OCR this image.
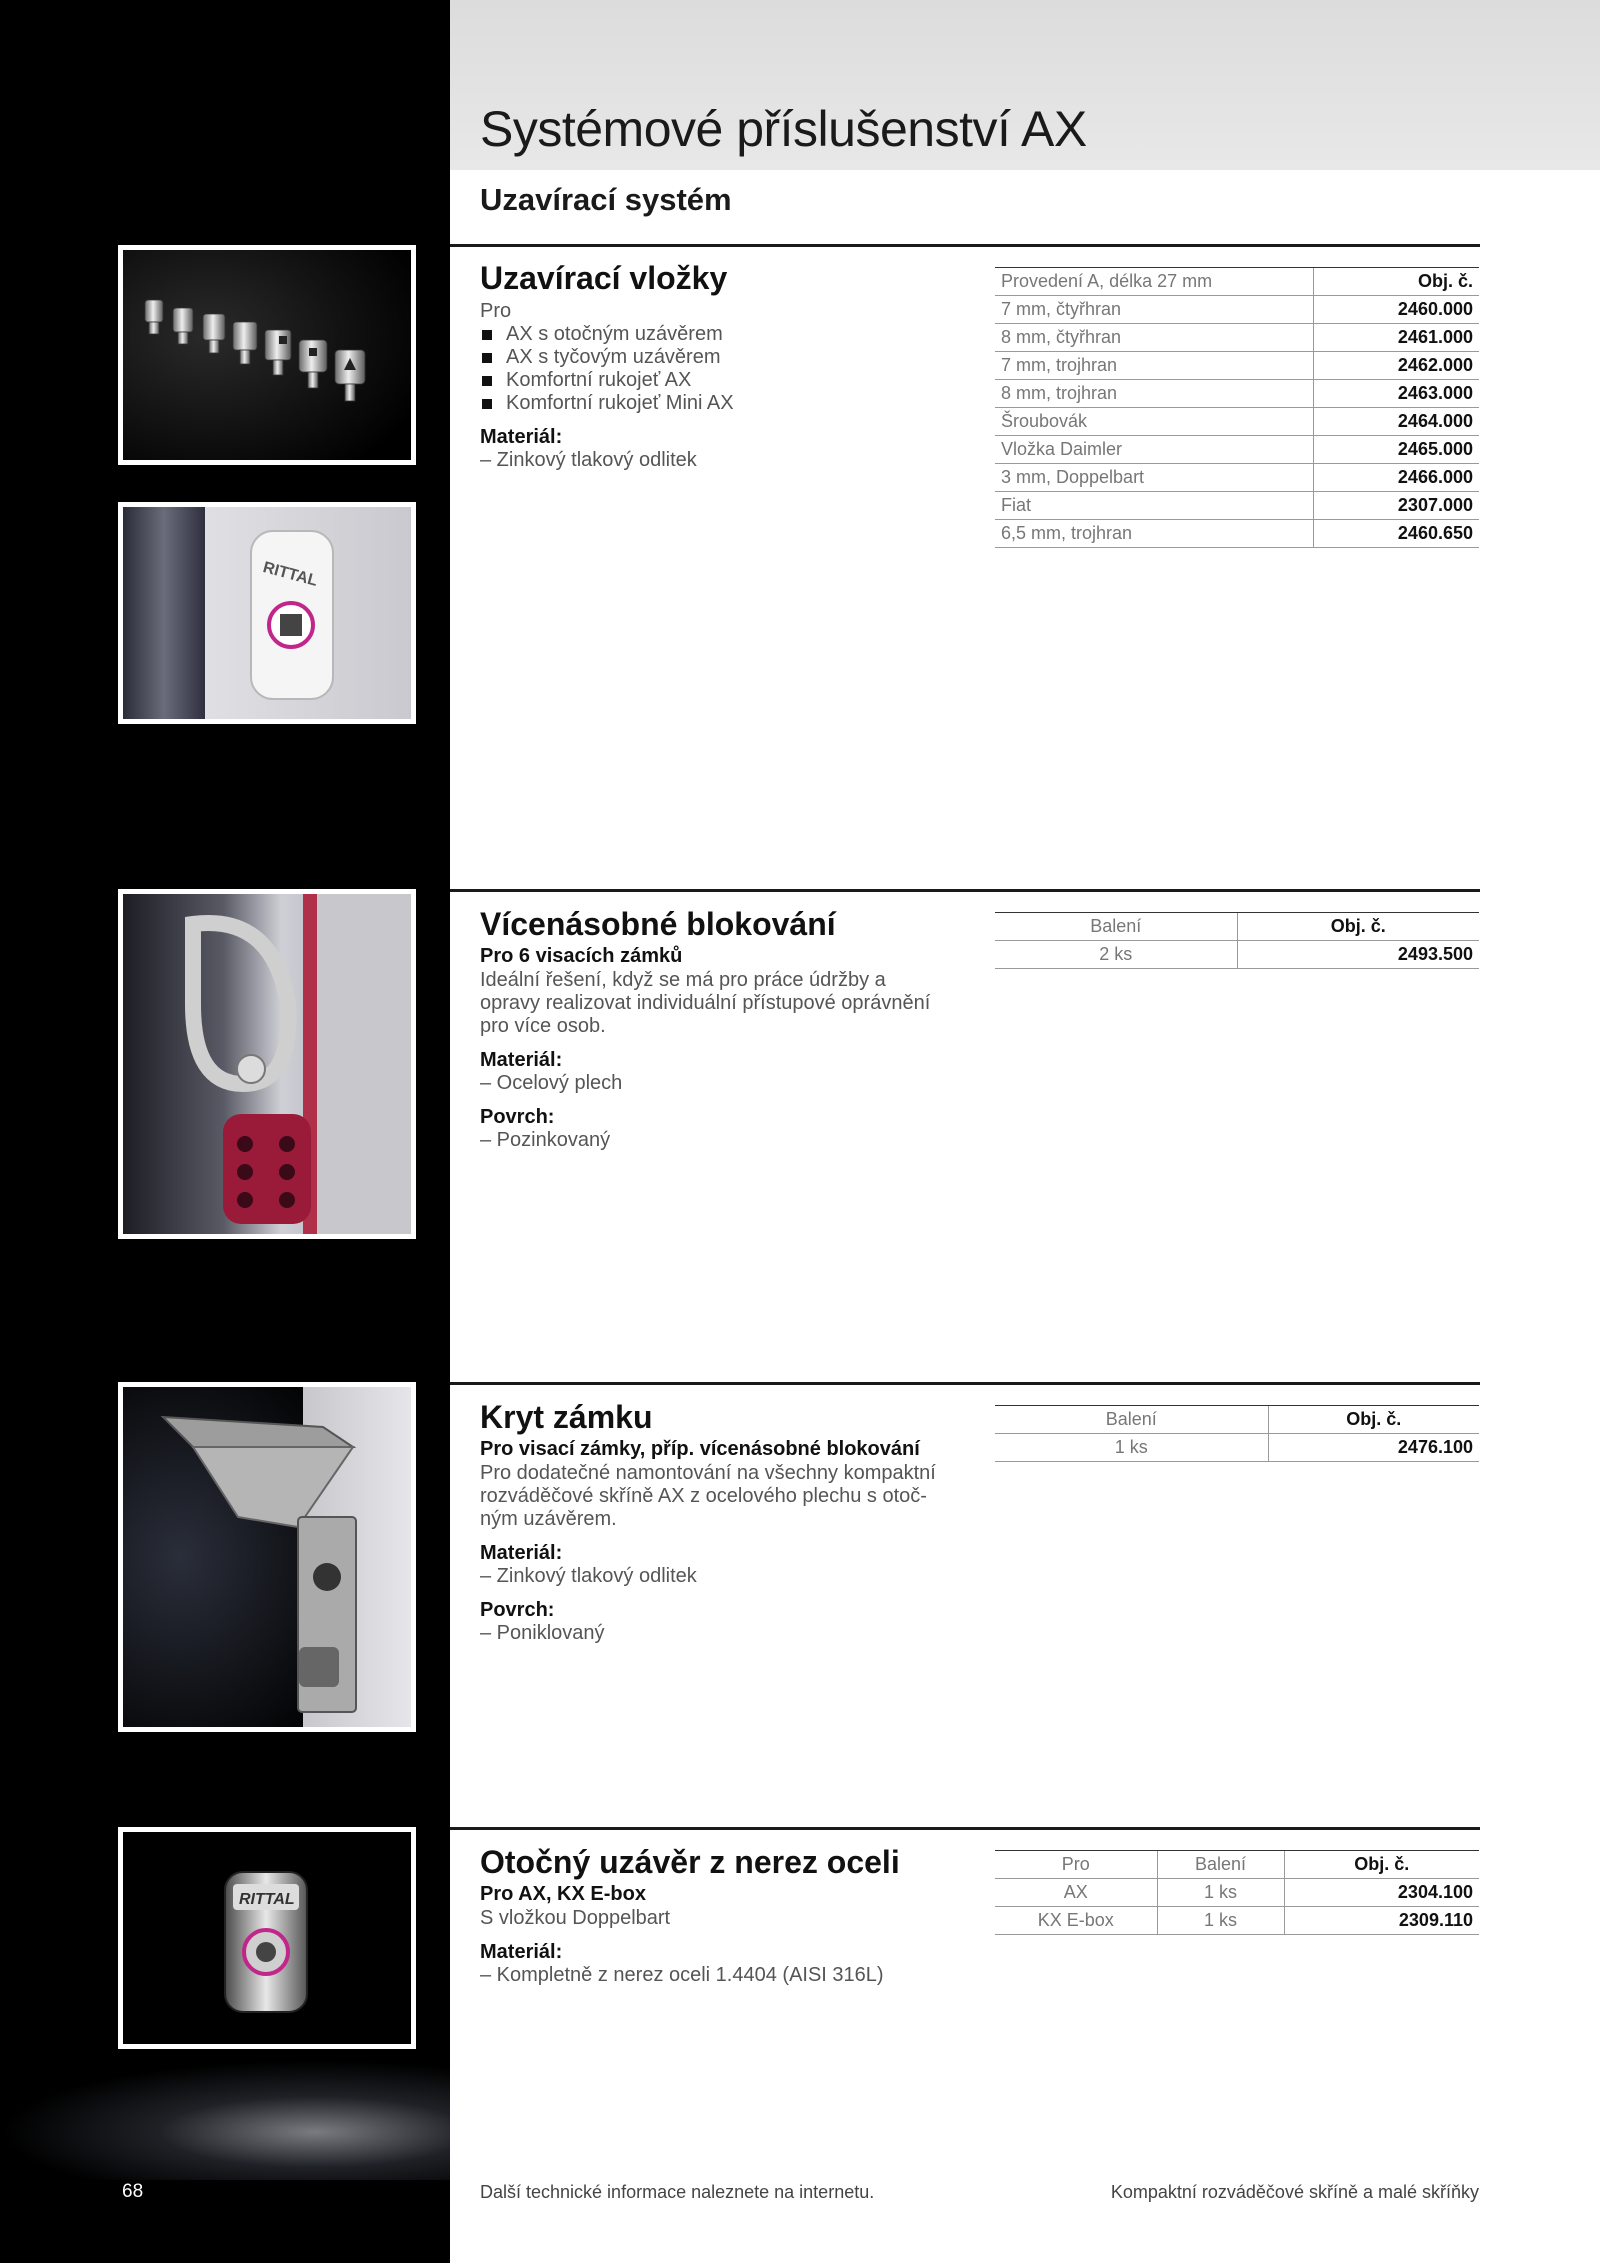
Systémové příslušenství AX
Uzavírací systém
RITTAL
RITTAL
Uzavírací vložky

Pro

AX s otočným uzávěrem
AX s tyčovým uzávěrem
Komfortní rukojeť AX
Komfortní rukojeť Mini AX
Materiál:
– Zinkový tlakový odlitek
Provedení A, délka 27 mm	Obj. č.
7 mm, čtyřhran	2460.000
8 mm, čtyřhran	2461.000
7 mm, trojhran	2462.000
8 mm, trojhran	2463.000
Šroubovák	2464.000
Vložka Daimler	2465.000
3 mm, Doppelbart	2466.000
Fiat	2307.000
6,5 mm, trojhran	2460.650
Vícenásobné blokování
Pro 6 visacích zámků

Ideální řešení, když se má pro práce údržby a

opravy realizovat individuální přístupové oprávnění

pro více osob.

Materiál:
– Ocelový plech
Povrch:
– Pozinkovaný
Balení	Obj. č.
2 ks	2493.500
Kryt zámku
Pro visací zámky, příp. vícenásobné blokování

Pro dodatečné namontování na všechny kompaktní

rozváděčové skříně AX z ocelového plechu s otoč-

ným uzávěrem.

Materiál:
– Zinkový tlakový odlitek
Povrch:
– Poniklovaný
Balení	Obj. č.
1 ks	2476.100
Otočný uzávěr z nerez oceli
Pro AX, KX E-box

S vložkou Doppelbart

Materiál:
– Kompletně z nerez oceli 1.4404 (AISI 316L)
Pro	Balení	Obj. č.
AX	1 ks	2304.100
KX E-box	1 ks	2309.110
68	Další technické informace naleznete na internetu.	Kompaktní rozváděčové skříně a malé skříňky
